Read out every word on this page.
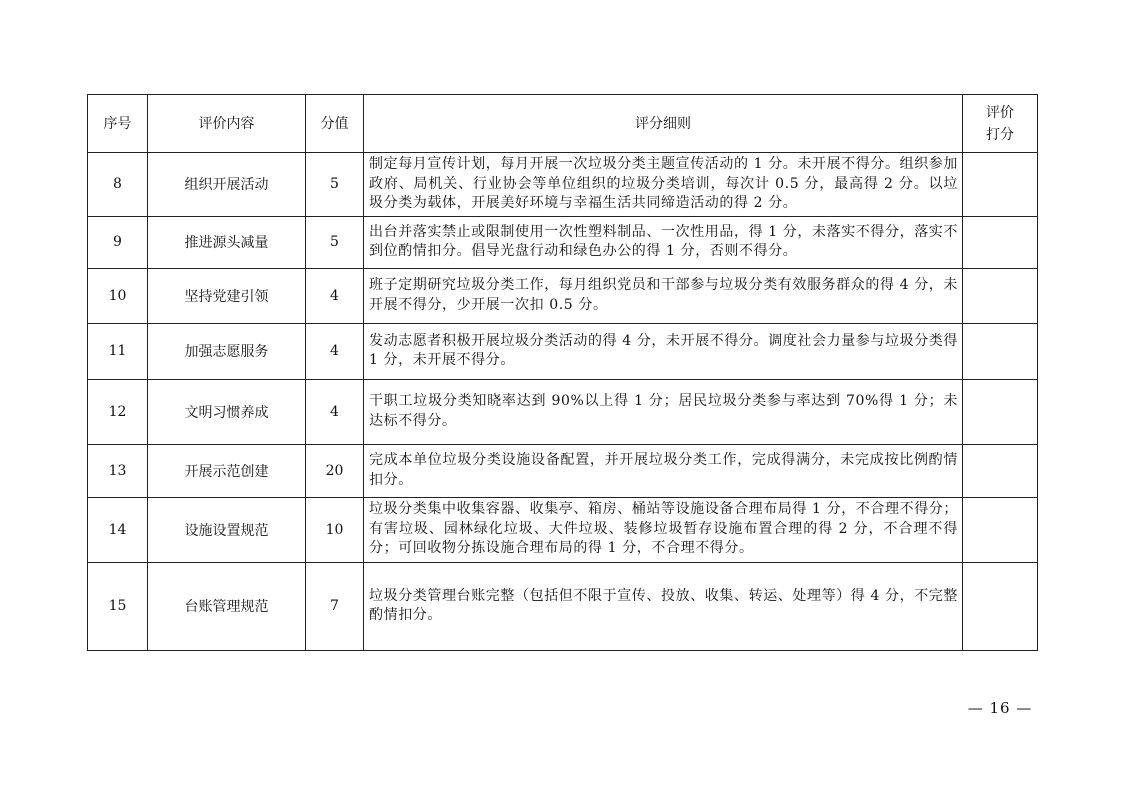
序号	评价内容	分值	评分细则	评价
打分

8	组织开展活动	5	制定每月宣传计划，每月开展一次垃圾分类主题宣传活动的 1 分。未开展不得分。组织参加政府、局机关、行业协会等单位组织的垃圾分类培训，每次计 0.5 分，最高得 2 分。以垃圾分类为载体，开展美好环境与幸福生活共同缔造活动的得 2 分。	
9	推进源头减量	5	出台并落实禁止或限制使用一次性塑料制品、一次性用品，得 1 分，未落实不得分，落实不到位酌情扣分。倡导光盘行动和绿色办公的得 1 分，否则不得分。	
10	坚持党建引领	4	班子定期研究垃圾分类工作，每月组织党员和干部参与垃圾分类有效服务群众的得 4 分，未开展不得分，少开展一次扣 0.5 分。	
11	加强志愿服务	4	发动志愿者积极开展垃圾分类活动的得 4 分，未开展不得分。调度社会力量参与垃圾分类得 1 分，未开展不得分。	
12	文明习惯养成	4	干职工垃圾分类知晓率达到 90%以上得 1 分；居民垃圾分类参与率达到 70%得 1 分；未达标不得分。	
13	开展示范创建	20	完成本单位垃圾分类设施设备配置，并开展垃圾分类工作，完成得满分，未完成按比例酌情扣分。	
14	设施设置规范	10	垃圾分类集中收集容器、收集亭、箱房、桶站等设施设备合理布局得 1 分，不合理不得分；有害垃圾、园林绿化垃圾、大件垃圾、装修垃圾暂存设施布置合理的得 2 分，不合理不得分；可回收物分拣设施合理布局的得 1 分，不合理不得分。	
15	台账管理规范	7	垃圾分类管理台账完整（包括但不限于宣传、投放、收集、转运、处理等）得 4 分，不完整酌情扣分。	
— 16 —
